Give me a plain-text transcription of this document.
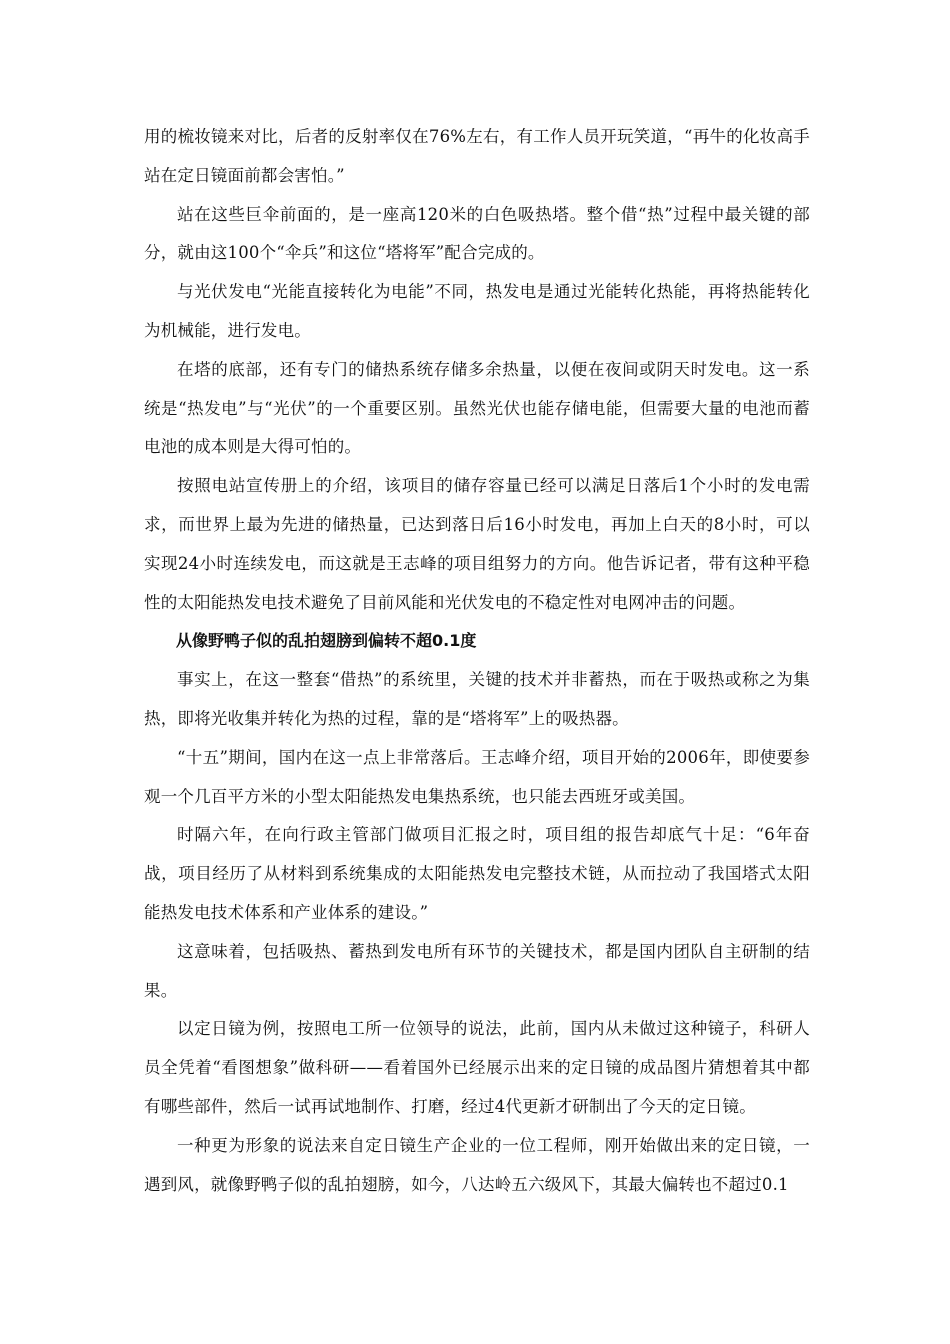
用的梳妆镜来对比，后者的反射率仅在76%左右，有工作人员开玩笑道，“再牛的化妆高手站在定日镜面前都会害怕。”

站在这些巨伞前面的，是一座高120米的白色吸热塔。整个借“热”过程中最关键的部分，就由这100个“伞兵”和这位“塔将军”配合完成的。

与光伏发电“光能直接转化为电能”不同，热发电是通过光能转化热能，再将热能转化为机械能，进行发电。

在塔的底部，还有专门的储热系统存储多余热量，以便在夜间或阴天时发电。这一系统是“热发电”与“光伏”的一个重要区别。虽然光伏也能存储电能，但需要大量的电池而蓄电池的成本则是大得可怕的。

按照电站宣传册上的介绍，该项目的储存容量已经可以满足日落后1个小时的发电需求，而世界上最为先进的储热量，已达到落日后16小时发电，再加上白天的8小时，可以实现24小时连续发电，而这就是王志峰的项目组努力的方向。他告诉记者，带有这种平稳性的太阳能热发电技术避免了目前风能和光伏发电的不稳定性对电网冲击的问题。

从像野鸭子似的乱拍翅膀到偏转不超0.1度

事实上，在这一整套“借热”的系统里，关键的技术并非蓄热，而在于吸热或称之为集热，即将光收集并转化为热的过程，靠的是“塔将军”上的吸热器。

“十五”期间，国内在这一点上非常落后。王志峰介绍，项目开始的2006年，即使要参观一个几百平方米的小型太阳能热发电集热系统，也只能去西班牙或美国。

时隔六年，在向行政主管部门做项目汇报之时，项目组的报告却底气十足：“6年奋战，项目经历了从材料到系统集成的太阳能热发电完整技术链，从而拉动了我国塔式太阳能热发电技术体系和产业体系的建设。”

这意味着，包括吸热、蓄热到发电所有环节的关键技术，都是国内团队自主研制的结果。

以定日镜为例，按照电工所一位领导的说法，此前，国内从未做过这种镜子，科研人员全凭着“看图想象”做科研——看着国外已经展示出来的定日镜的成品图片猜想着其中都有哪些部件，然后一试再试地制作、打磨，经过4代更新才研制出了今天的定日镜。

一种更为形象的说法来自定日镜生产企业的一位工程师，刚开始做出来的定日镜，一遇到风，就像野鸭子似的乱拍翅膀，如今，八达岭五六级风下，其最大偏转也不超过0.1
